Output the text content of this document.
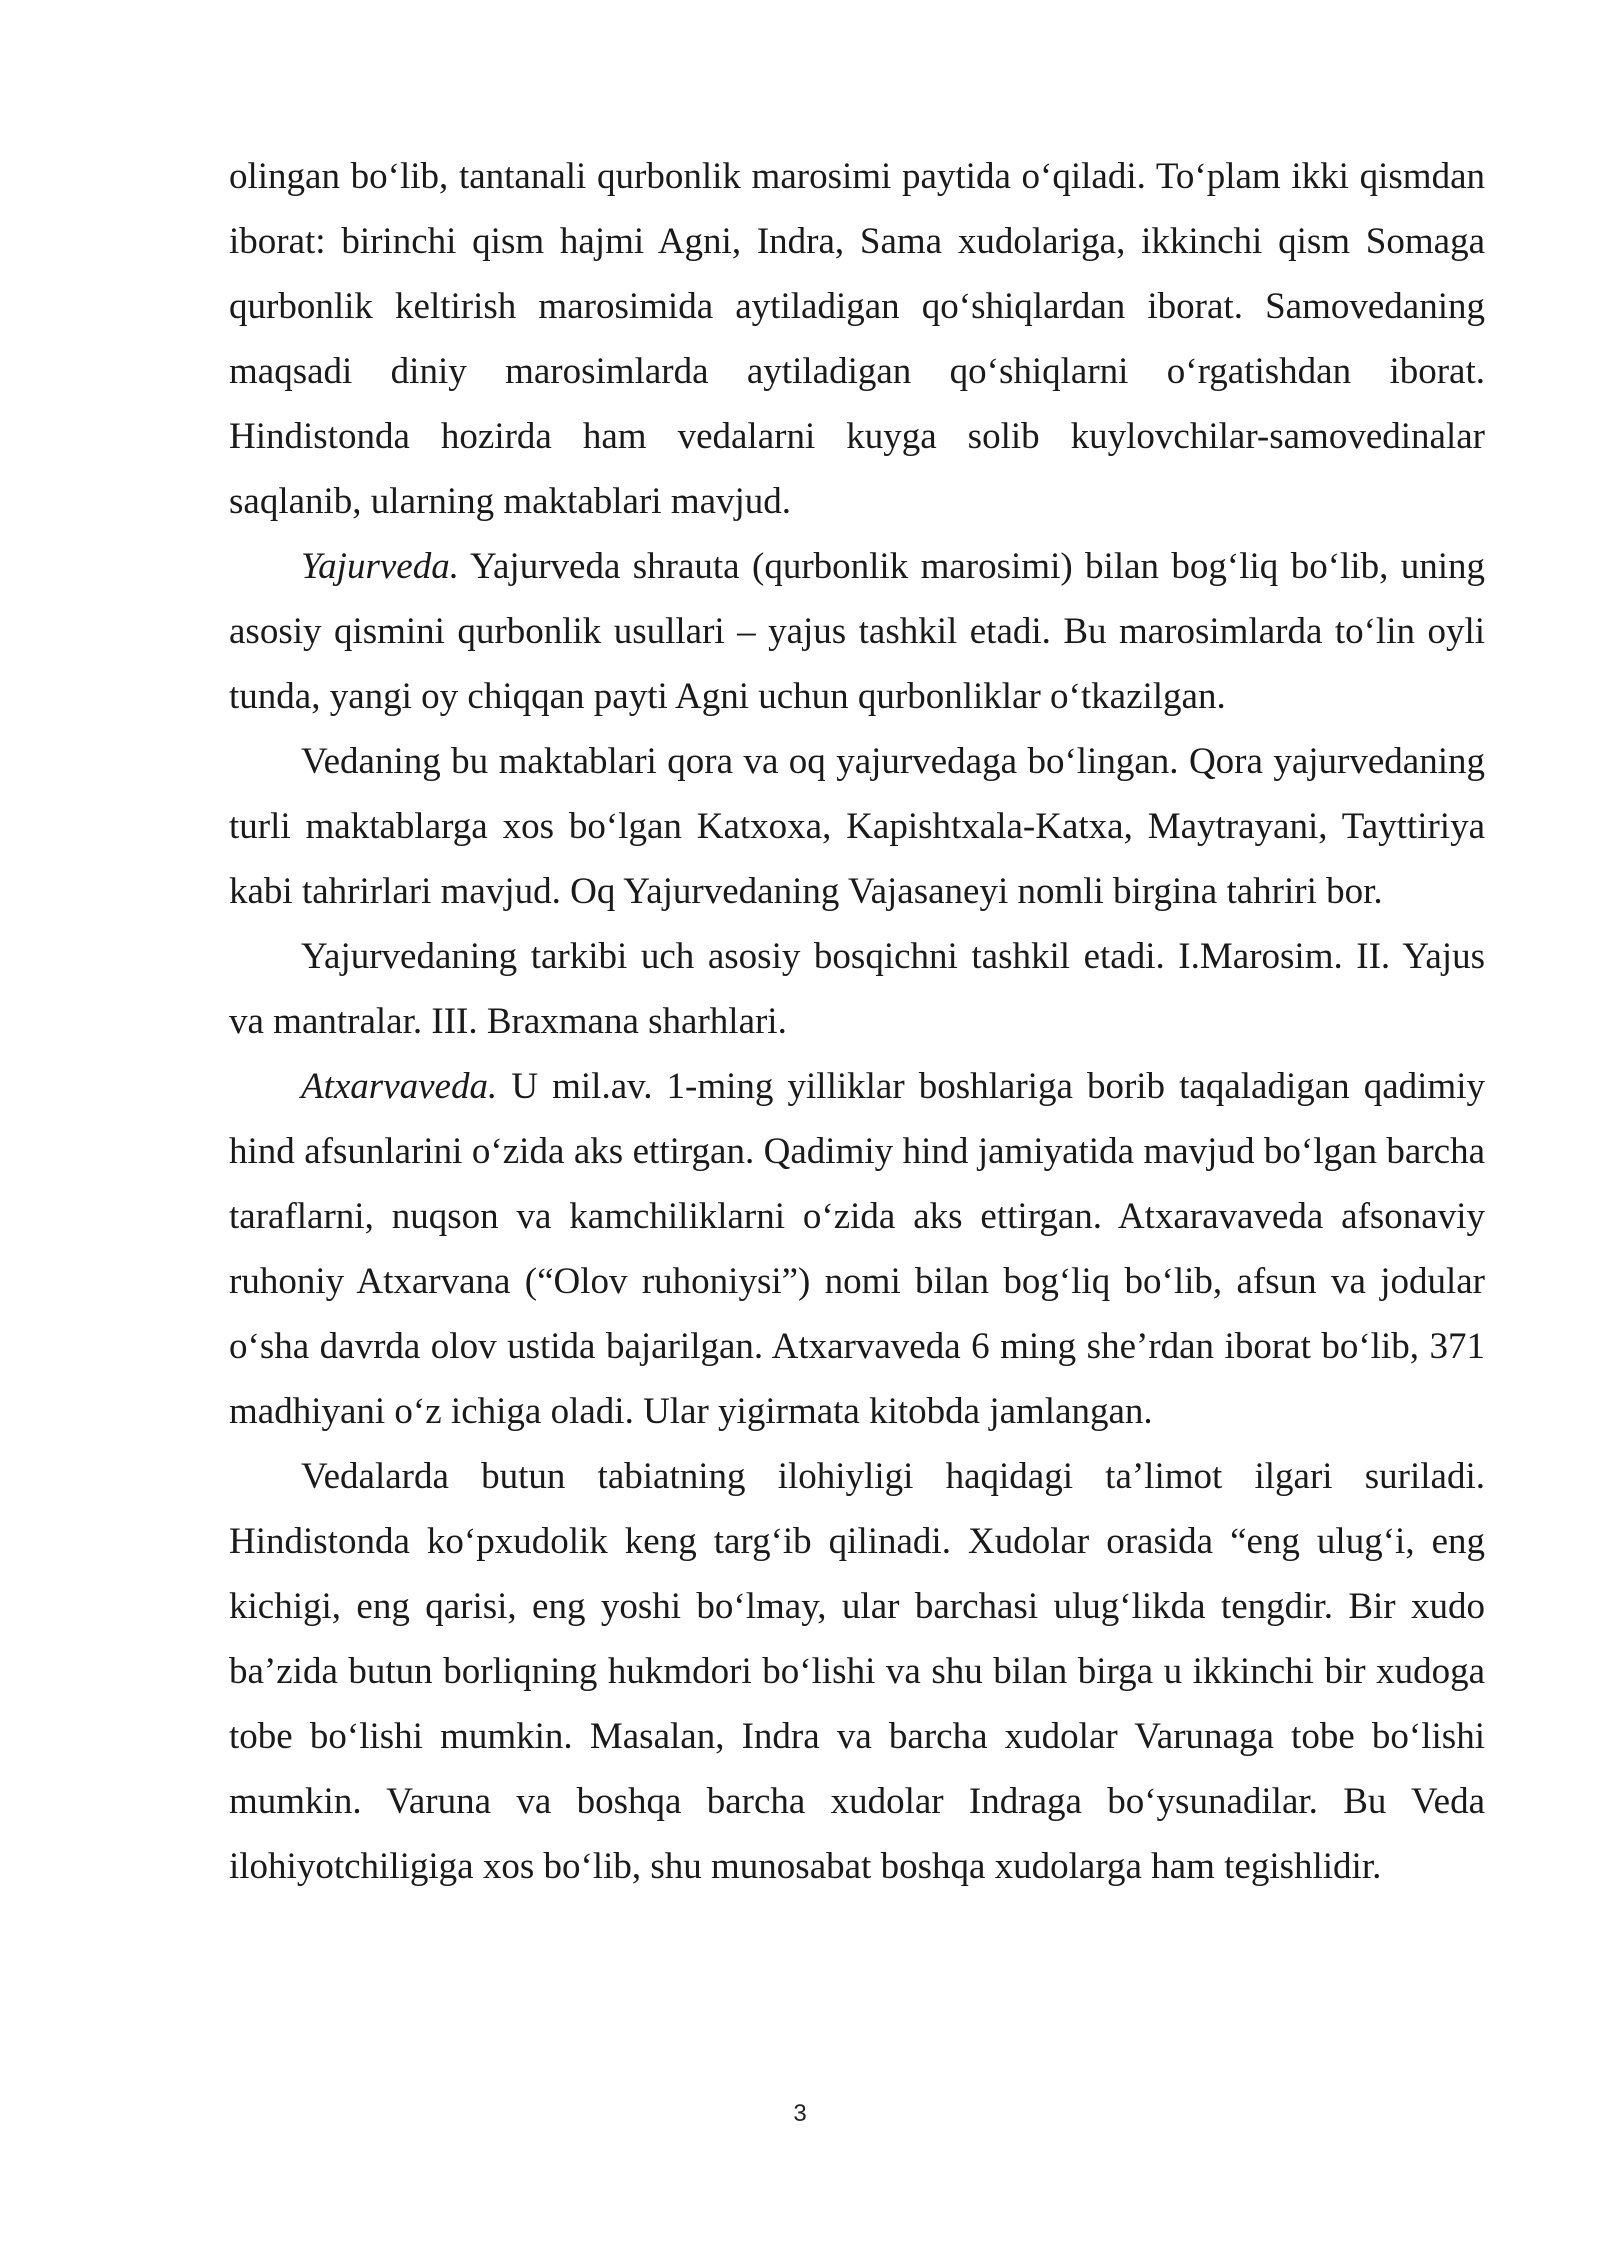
olingan bo‘lib, tantanali qurbonlik marosimi paytida o‘qiladi. To‘plam ikki qismdan iborat: birinchi qism hajmi Agni, Indra, Sama xudolariga, ikkinchi qism Somaga qurbonlik keltirish marosimida aytiladigan qo‘shiqlardan iborat. Samovedaning maqsadi diniy marosimlarda aytiladigan qo‘shiqlarni o‘rgatishdan iborat. Hindistonda hozirda ham vedalarni kuyga solib kuylovchilar-samovedinalar saqlanib, ularning maktablari mavjud.

Yajurveda. Yajurveda shrauta (qurbonlik marosimi) bilan bog‘liq bo‘lib, uning asosiy qismini qurbonlik usullari – yajus tashkil etadi. Bu marosimlarda to‘lin oyli tunda, yangi oy chiqqan payti Agni uchun qurbonliklar o‘tkazilgan.

Vedaning bu maktablari qora va oq yajurvedaga bo‘lingan. Qora yajurvedaning turli maktablarga xos bo‘lgan Katxoxa, Kapishtxala-Katxa, Maytrayani, Tayttiriya kabi tahrirlari mavjud. Oq Yajurvedaning Vajasaneyi nomli birgina tahriri bor.

Yajurvedaning tarkibi uch asosiy bosqichni tashkil etadi. I.Marosim. II. Yajus va mantralar. III. Braxmana sharhlari.

Atxarvaveda. U mil.av. 1-ming yilliklar boshlariga borib taqaladigan qadimiy hind afsunlarini o‘zida aks ettirgan. Qadimiy hind jamiyatida mavjud bo‘lgan barcha taraflarni, nuqson va kamchiliklarni o‘zida aks ettirgan. Atxaravaveda afsonaviy ruhoniy Atxarvana (“Olov ruhoniysi”) nomi bilan bog‘liq bo‘lib, afsun va jodular o‘sha davrda olov ustida bajarilgan. Atxarvaveda 6 ming she’rdan iborat bo‘lib, 371 madhiyani o‘z ichiga oladi. Ular yigirmata kitobda jamlangan.

Vedalarda butun tabiatning ilohiyligi haqidagi ta’limot ilgari suriladi. Hindistonda ko‘pxudolik keng targ‘ib qilinadi. Xudolar orasida “eng ulug‘i, eng kichigi, eng qarisi, eng yoshi bo‘lmay, ular barchasi ulug‘likda tengdir. Bir xudo ba’zida butun borliqning hukmdori bo‘lishi va shu bilan birga u ikkinchi bir xudoga tobe bo‘lishi mumkin. Masalan, Indra va barcha xudolar Varunaga tobe bo‘lishi mumkin. Varuna va boshqa barcha xudolar Indraga bo‘ysunadilar. Bu Veda ilohiyotchiligiga xos bo‘lib, shu munosabat boshqa xudolarga ham tegishlidir.

3
